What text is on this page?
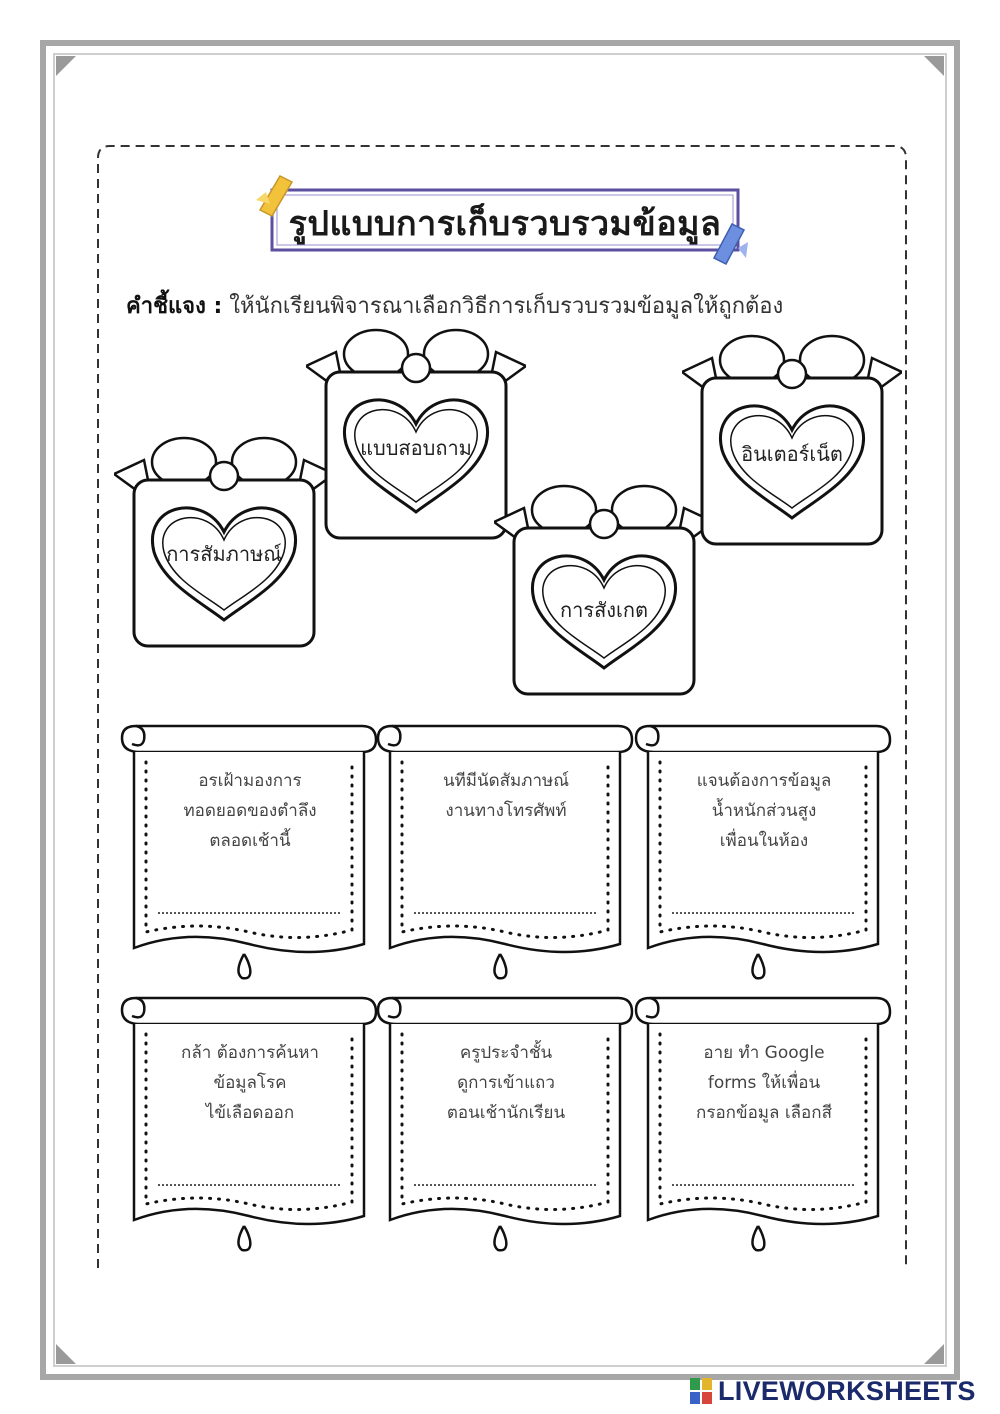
รูปแบบการเก็บรวบรวมข้อมูล
คำชี้แจง : ให้นักเรียนพิจารณาเลือกวิธีการเก็บรวบรวมข้อมูลให้ถูกต้อง
การสัมภาษณ์
แบบสอบถาม
การสังเกต
อินเตอร์เน็ต
อรเฝ้ามองการ
ทอดยอดของตำลึง
ตลอดเช้านี้
นทีมีนัดสัมภาษณ์
งานทางโทรศัพท์
แจนต้องการข้อมูล
น้ำหนักส่วนสูง
เพื่อนในห้อง
กล้า ต้องการค้นหา
ข้อมูลโรค
ไข้เลือดออก
ครูประจำชั้น
ดูการเข้าแถว
ตอนเช้านักเรียน
อาย ทำ Google
forms ให้เพื่อน
กรอกข้อมูล เลือกสี
LIVEWORKSHEETS
